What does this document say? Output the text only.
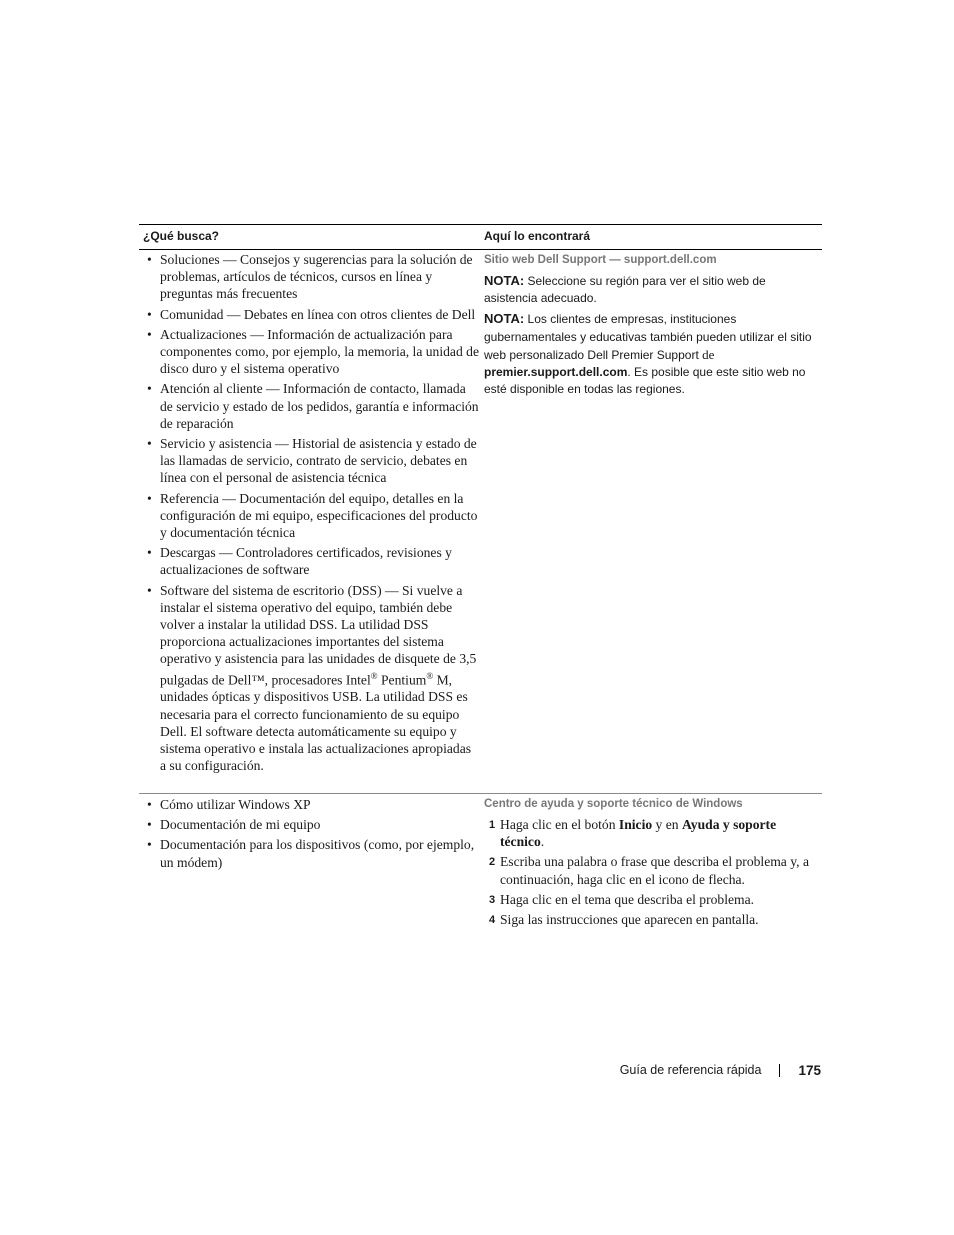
¿Qué busca?	Aquí lo encontrará
• Soluciones — Consejos y sugerencias para la solución de problemas, artículos de técnicos, cursos en línea y preguntas más frecuentes
• Comunidad — Debates en línea con otros clientes de Dell
• Actualizaciones — Información de actualización para componentes como, por ejemplo, la memoria, la unidad de disco duro y el sistema operativo
• Atención al cliente — Información de contacto, llamada de servicio y estado de los pedidos, garantía e información de reparación
• Servicio y asistencia — Historial de asistencia y estado de las llamadas de servicio, contrato de servicio, debates en línea con el personal de asistencia técnica
• Referencia — Documentación del equipo, detalles en la configuración de mi equipo, especificaciones del producto y documentación técnica
• Descargas — Controladores certificados, revisiones y actualizaciones de software
• Software del sistema de escritorio (DSS) — Si vuelve a instalar el sistema operativo del equipo, también debe volver a instalar la utilidad DSS. La utilidad DSS proporciona actualizaciones importantes del sistema operativo y asistencia para las unidades de disquete de 3,5 pulgadas de Dell™, procesadores Intel® Pentium® M, unidades ópticas y dispositivos USB. La utilidad DSS es necesaria para el correcto funcionamiento de su equipo Dell. El software detecta automáticamente su equipo y sistema operativo e instala las actualizaciones apropiadas a su configuración.
Sitio web Dell Support — support.dell.com
NOTA: Seleccione su región para ver el sitio web de asistencia adecuado.
NOTA: Los clientes de empresas, instituciones gubernamentales y educativas también pueden utilizar el sitio web personalizado Dell Premier Support de premier.support.dell.com. Es posible que este sitio web no esté disponible en todas las regiones.
• Cómo utilizar Windows XP
• Documentación de mi equipo
• Documentación para los dispositivos (como, por ejemplo, un módem)
Centro de ayuda y soporte técnico de Windows
1 Haga clic en el botón Inicio y en Ayuda y soporte técnico.
2 Escriba una palabra o frase que describa el problema y, a continuación, haga clic en el icono de flecha.
3 Haga clic en el tema que describa el problema.
4 Siga las instrucciones que aparecen en pantalla.
Guía de referencia rápida	175
